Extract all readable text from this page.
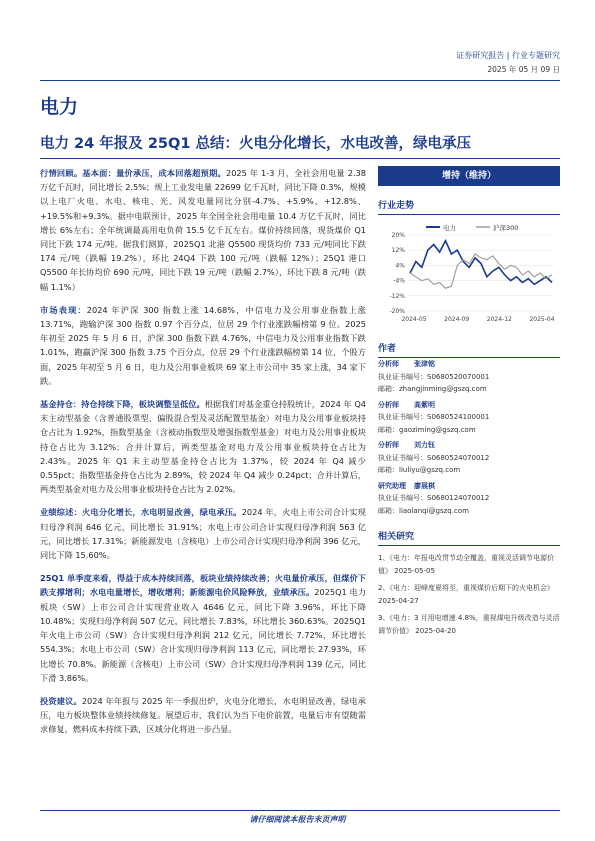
证券研究报告 | 行业专题研究
2025 年 05 月 09 日
电力
电力 24 年报及 25Q1 总结：火电分化增长，水电改善，绿电承压

行情回顾。基本面：量价承压，成本回落超预期。2025 年 1-3 月，全社会用电量 2.38 万亿千瓦时，同比增长 2.5%；规上工业发电量 22699 亿千瓦时，同比下降 0.3%，规模以上电厂火电、水电、核电、光、风发电量同比分别-4.7%、+5.9%、+12.8%、+19.5%和+9.3%。据中电联预计，2025 年全国全社会用电量 10.4 万亿千瓦时，同比增长 6%左右；全年统调最高用电负荷 15.5 亿千瓦左右。煤价持续回落，现货煤价 Q1 同比下跌 174 元/吨。据我们测算，2025Q1 北港 Q5500 现货均价 733 元/吨同比下跌 174 元/吨（跌幅 19.2%），环比 24Q4 下跌 100 元/吨（跌幅 12%）；25Q1 港口 Q5500 年长协均价 690 元/吨，同比下跌 19 元/吨（跌幅 2.7%），环比下跌 8 元/吨（跌幅 1.1%）

市场表现：2024 年沪深 300 指数上涨 14.68%，中信电力及公用事业指数上涨 13.71%，跑输沪深 300 指数 0.97 个百分点，位居 29 个行业涨跌幅榜第 9 位。2025 年初至 2025 年 5 月 6 日，沪深 300 指数下跌 4.76%，中信电力及公用事业指数下跌 1.01%，跑赢沪深 300 指数 3.75 个百分点，位居 29 个行业涨跌幅榜第 14 位，个股方面，2025 年初至 5 月 6 日，电力及公用事业板块 69 家上市公司中 35 家上涨，34 家下跌。

基金持仓：持仓持续下降，板块调整呈低位。根据我们对基金重仓持股统计，2024 年 Q4 末主动型基金（含普通股票型、偏股混合型及灵活配置型基金）对电力及公用事业板块持仓占比为 1.92%，指数型基金（含被动指数型及增强指数型基金）对电力及公用事业板块持仓占比为 3.12%；合并计算后，两类型基金对电力及公用事业板块持仓占比为 2.43%。2025 年 Q1 末主动型基金持仓占比为 1.37%，较 2024 年 Q4 减少 0.55pct；指数型基金持仓占比为 2.89%，较 2024 年 Q4 减少 0.24pct；合并计算后，两类型基金对电力及公用事业板块持仓占比为 2.02%。

业绩综述：火电分化增长，水电明显改善，绿电承压。2024 年，火电上市公司合计实现归母净利润 646 亿元，同比增长 31.91%；水电上市公司合计实现归母净利润 563 亿元，同比增长 17.31%；新能源发电（含核电）上市公司合计实现归母净利润 396 亿元，同比下降 15.60%。

25Q1 单季度来看，得益于成本持续回落，板块业绩持续改善；火电量价承压，但煤价下跌支撑增利；水电电量增长，增收增利；新能源电价风险释放，业绩承压。2025Q1 电力板块（SW）上市公司合计实现营业收入 4646 亿元，同比下降 3.96%，环比下降 10.48%；实现归母净利润 507 亿元，同比增长 7.83%，环比增长 360.63%。2025Q1 年火电上市公司（SW）合计实现归母净利润 212 亿元，同比增长 7.72%，环比增长 554.3%；水电上市公司（SW）合计实现归母净利润 113 亿元，同比增长 27.93%，环比增长 70.8%。新能源（含核电）上市公司（SW）合计实现归母净利润 139 亿元，同比下滑 3.86%。

投资建议。2024 年年报与 2025 年一季报出炉，火电分化增长，水电明显改善，绿电承压，电力板块整体业绩持续修复。展望后市，我们认为当下电价前置，电量后市有望随需求修复，燃料成本持续下跌，区域分化将进一步凸显。

增持（维持）
行业走势
20%
12%
4%
-4%
-12%
-20%
2024-05	2024-09	2024-12	2025-04
电力	沪深300
作者
分析师 张津铭
执业证书编号：S0680520070001
邮箱：zhangjinming@gszq.com
分析师 高紫明
执业证书编号：S0680524100001
邮箱：gaoziming@gszq.com
分析师 刘力钰
执业证书编号：S0680524070012
邮箱：liuliyu@gszq.com
研究助理 廖展棋
执业证书编号：S0680124070012
邮箱：liaolanqi@gszq.com
相关研究
1、《电力：年报电改贯节动全覆盖，重视灵活调节电源价值》 2025-05-05
2、《电力：迎峰度夏将至，重视煤价后期下的火电机会》 2025-04-27
3、《电力：3 月用电增速 4.8%，重视煤电升级改造与灵活调节价值》 2025-04-20
请仔细阅读本报告末页声明
